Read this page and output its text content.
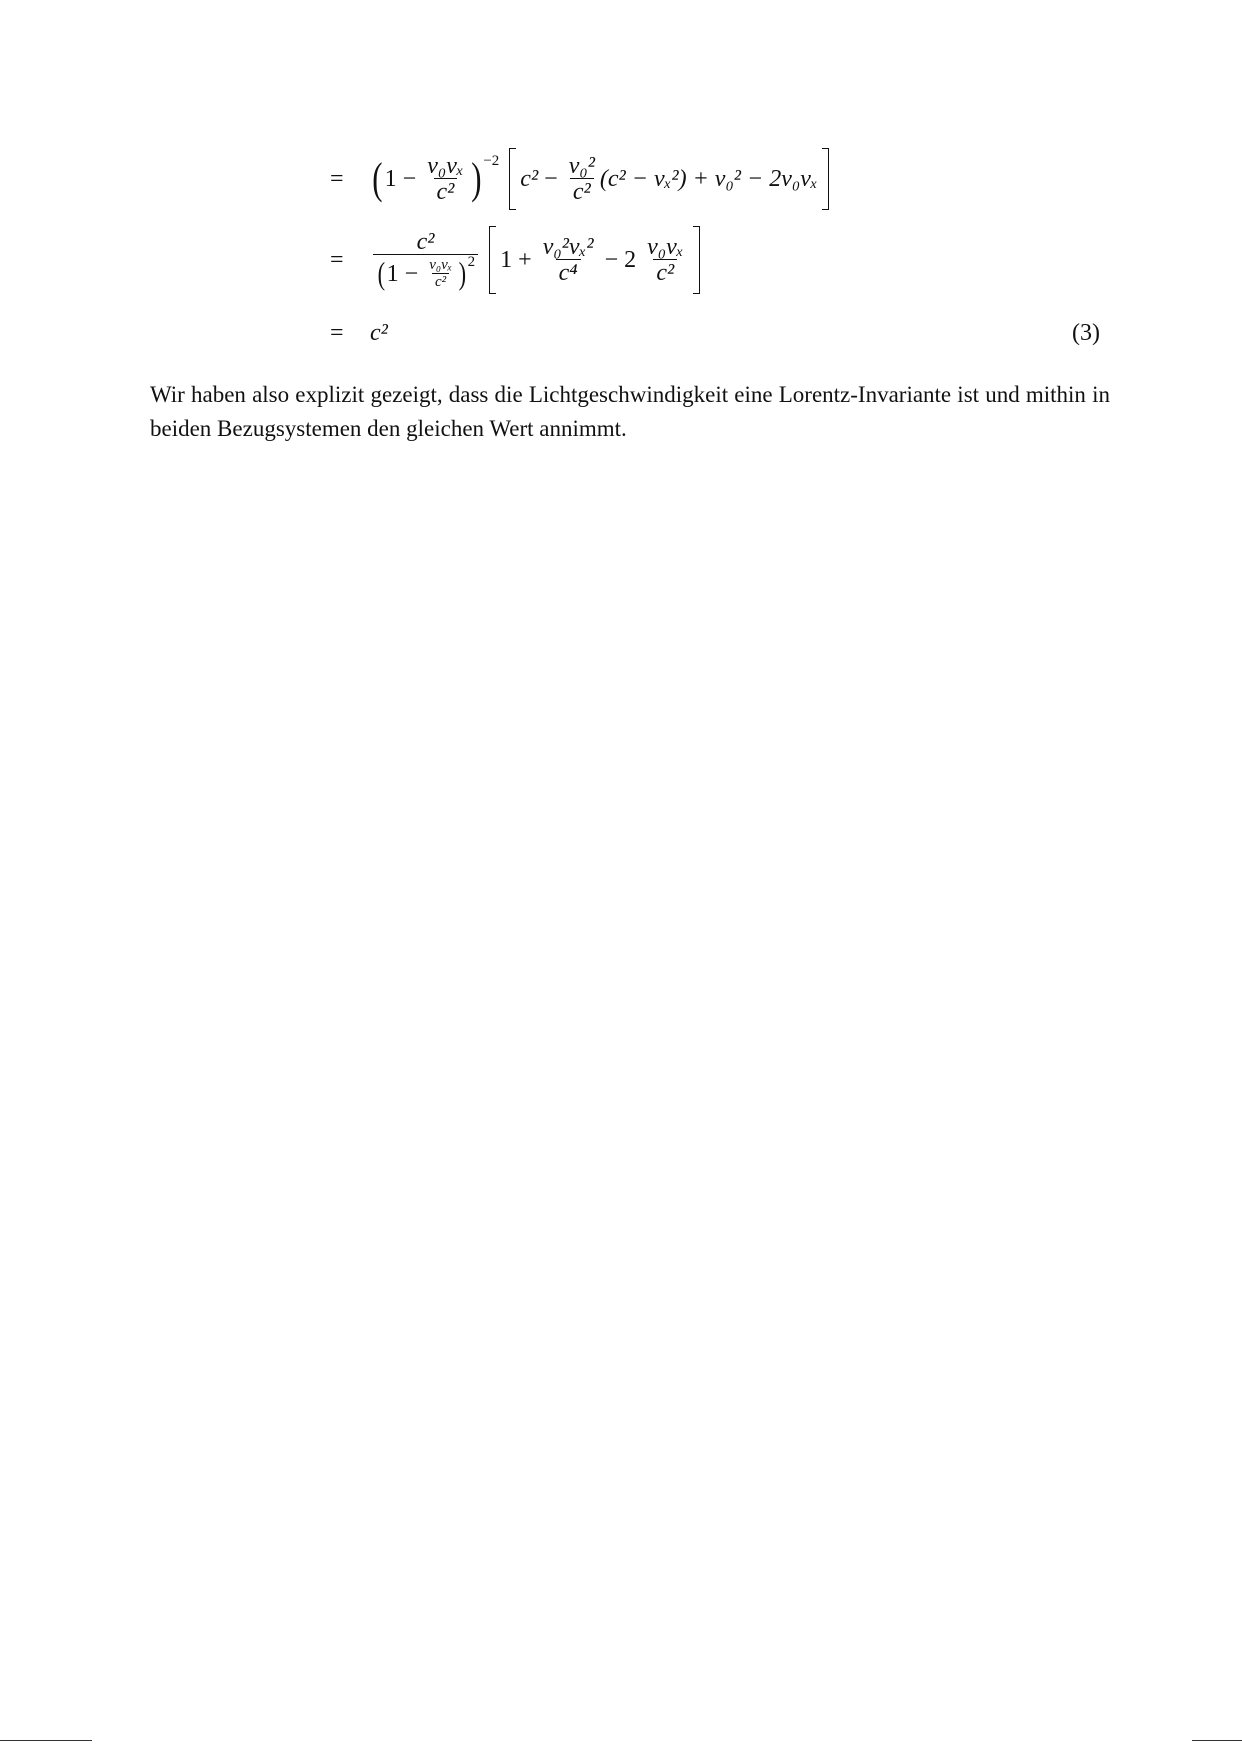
= ( $1 - \frac{\text{v₀vₓ}}{\text{c²}} )^{-2}$
$c^2 - \frac{\text{v₀²}}{\text{c²}} (c^2 - v_x^2) + v_0^2 - 2v_0v_x$
=
c²
( $1 - \frac{\text{v₀vₓ}}{\text{c²}} )^2$ $1 + \frac{\text{v₀²vₓ²}}{\text{c⁴}} - 2 \frac{\text{v₀vₓ}}{\text{c²}}$
=	c²	(3)

Wir haben also explizit gezeigt, dass die Lichtgeschwindigkeit eine Lorentz-Invariante ist und mithin in beiden Bezugsystemen den gleichen Wert annimmt.
